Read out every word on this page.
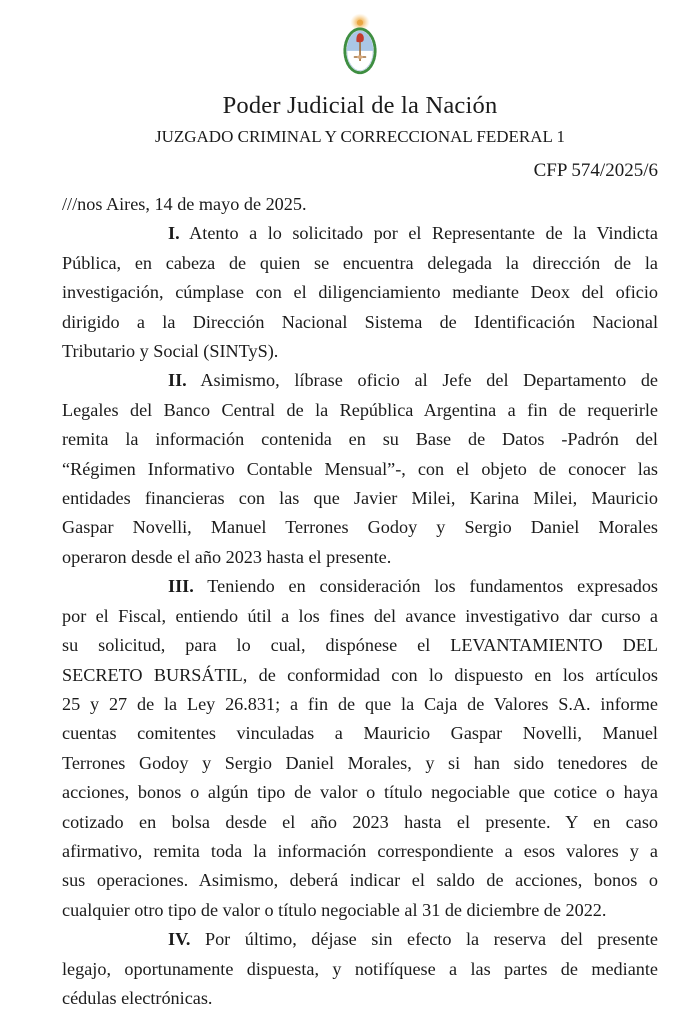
Poder Judicial de la Nación
JUZGADO CRIMINAL Y CORRECCIONAL FEDERAL 1
CFP 574/2025/6
///nos Aires, 14 de mayo de 2025.
I. Atento a lo solicitado por el Representante de la Vindicta
Pública, en cabeza de quien se encuentra delegada la dirección de la
investigación, cúmplase con el diligenciamiento mediante Deox del oficio
dirigido a la Dirección Nacional Sistema de Identificación Nacional
Tributario y Social (SINTyS).
II. Asimismo, líbrase oficio al Jefe del Departamento de
Legales del Banco Central de la República Argentina a fin de requerirle
remita la información contenida en su Base de Datos -Padrón del
“Régimen Informativo Contable Mensual”-, con el objeto de conocer las
entidades financieras con las que Javier Milei, Karina Milei, Mauricio
Gaspar Novelli, Manuel Terrones Godoy y Sergio Daniel Morales
operaron desde el año 2023 hasta el presente.
III. Teniendo en consideración los fundamentos expresados
por el Fiscal, entiendo útil a los fines del avance investigativo dar curso a
su solicitud, para lo cual, dispónese el LEVANTAMIENTO DEL
SECRETO BURSÁTIL, de conformidad con lo dispuesto en los artículos
25 y 27 de la Ley 26.831; a fin de que la Caja de Valores S.A. informe
cuentas comitentes vinculadas a Mauricio Gaspar Novelli, Manuel
Terrones Godoy y Sergio Daniel Morales, y si han sido tenedores de
acciones, bonos o algún tipo de valor o título negociable que cotice o haya
cotizado en bolsa desde el año 2023 hasta el presente. Y en caso
afirmativo, remita toda la información correspondiente a esos valores y a
sus operaciones. Asimismo, deberá indicar el saldo de acciones, bonos o
cualquier otro tipo de valor o título negociable al 31 de diciembre de 2022.
IV. Por último, déjase sin efecto la reserva del presente
legajo, oportunamente dispuesta, y notifíquese a las partes de mediante
cédulas electrónicas.
